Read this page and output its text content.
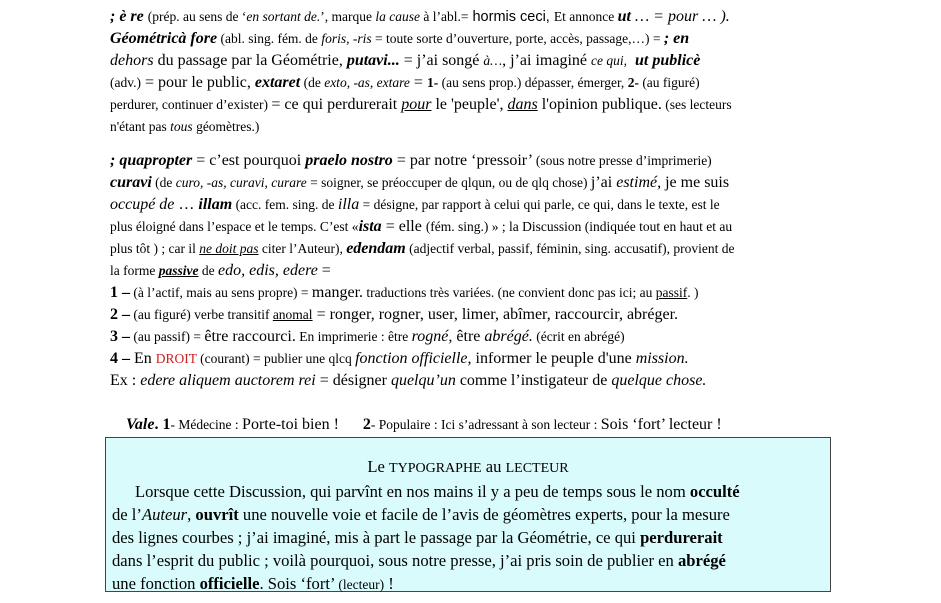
; è re (prép. au sens de ‘en sortant de.’, marque la cause à l’abl.= hormis ceci, Et annonce ut … = pour … ).
Géométricà fore (abl. sing. fém. de foris, -ris = toute sorte d’ouverture, porte, accès, passage,…) = ; en
dehors du passage par la Géométrie, putavi... = j’ai songé à…, j’ai imaginé ce qui, ut publicè
(adv.) = pour le public, extaret (de exto, -as, extare = 1- (au sens prop.) dépasser, émerger, 2- (au figuré)
perdurer, continuer d’exister) = ce qui perdurerait pour le 'peuple', dans l'opinion publique. (ses lecteurs
n'étant pas tous géomètres.)
; quapropter = c’est pourquoi praelo nostro = par notre ‘pressoir’ (sous notre presse d’imprimerie)
curavi (de curo, -as, curavi, curare = soigner, se préoccuper de qlqun, ou de qlq chose) j’ai estimé, je me suis
occupé de … illam (acc. fem. sing. de illa = désigne, par rapport à celui qui parle, ce qui, dans le texte, est le
plus éloigné dans l’espace et le temps. C’est «ista = elle (fém. sing.) » ; la Discussion (indiquée tout en haut et au
plus tôt ) ; car il ne doit pas citer l’Auteur), edendam (adjectif verbal, passif, féminin, sing. accusatif), provient de
la forme passive de edo, edis, edere =
1 – (à l’actif, mais au sens propre) = manger. traductions très variées. (ne convient donc pas ici; au passif. )
2 – (au figuré) verbe transitif anomal = ronger, rogner, user, limer, abîmer, raccourcir, abréger.
3 – (au passif) = être raccourci. En imprimerie : être rogné, être abrégé. (écrit en abrégé)
4 – En DROIT (courant) = publier une qlcq fonction officielle, informer le peuple d'une mission.
Ex : edere aliquem auctorem rei = désigner quelqu’un comme l’instigateur de quelque chose.

Vale. 1- Médecine : Porte-toi bien !      2- Populaire : Ici s’adressant à son lecteur : Sois ‘fort’ lecteur !

Le TYPOGRAPHE au LECTEUR
Lorsque cette Discussion, qui parvînt en nos mains il y a peu de temps sous le nom occulté
de l’Auteur, ouvrît une nouvelle voie et facile de l’avis de géomètres experts, pour la mesure
des lignes courbes ; j’ai imaginé, mis à part le passage par la Géométrie, ce qui perdurerait
dans l’esprit du public ; voilà pourquoi, sous notre presse, j’ai pris soin de publier en abrégé
une fonction officielle. Sois ‘fort’ (lecteur) !
